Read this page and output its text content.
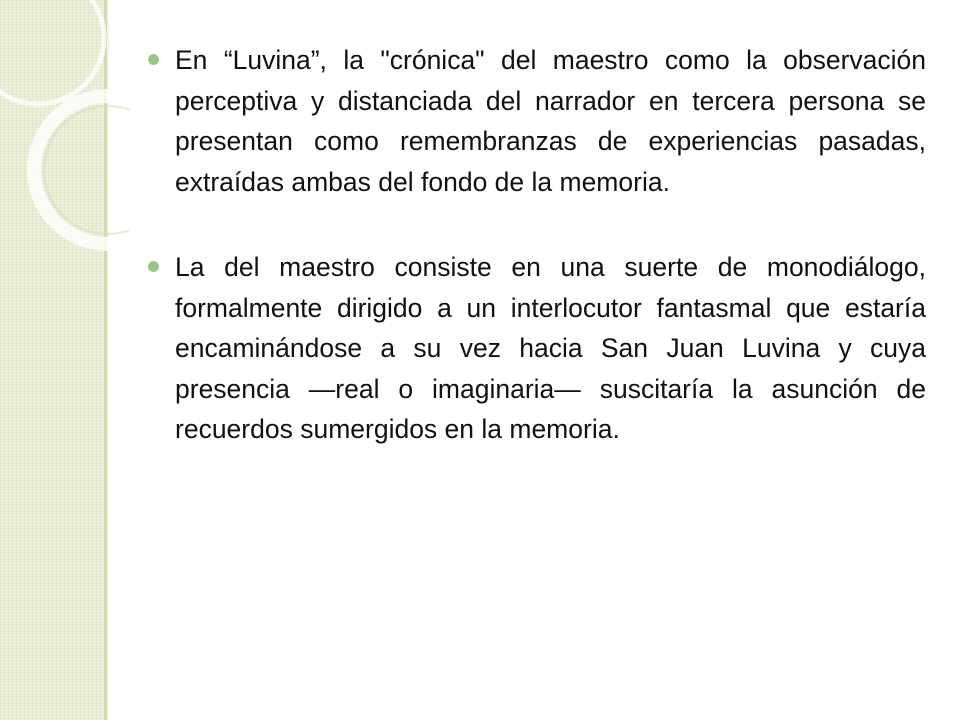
En “Luvina”, la "crónica" del maestro como la observación perceptiva y distanciada del narrador en tercera persona se presentan como remembranzas de experiencias pasadas, extraídas ambas del fondo de la memoria.
La del maestro consiste en una suerte de monodiálogo, formalmente dirigido a un interlocutor fantasmal que estaría encaminándose a su vez hacia San Juan Luvina y cuya presencia —real o imaginaria— suscitaría la asunción de recuerdos sumergidos en la memoria.
